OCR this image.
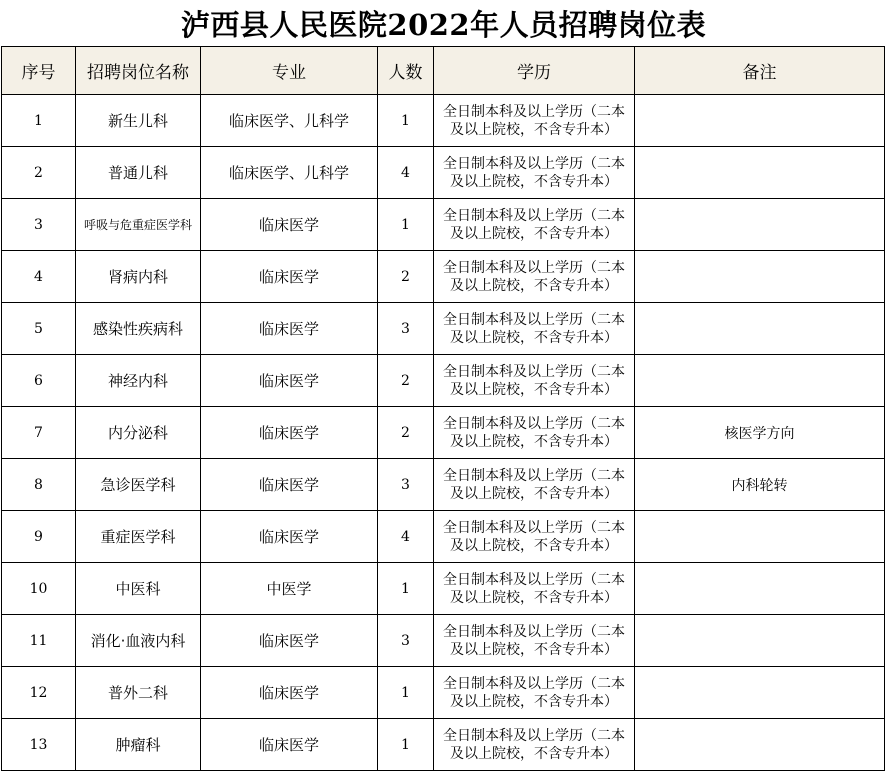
泸西县人民医院2022年人员招聘岗位表
序号	招聘岗位名称	专业	人数	学历	备注
1	新生儿科	临床医学、儿科学	1	全日制本科及以上学历（二本
及以上院校，不含专升本）	

2	普通儿科	临床医学、儿科学	4	全日制本科及以上学历（二本
及以上院校，不含专升本）	

3	呼吸与危重症医学科	临床医学	1	全日制本科及以上学历（二本
及以上院校，不含专升本）	

4	肾病内科	临床医学	2	全日制本科及以上学历（二本
及以上院校，不含专升本）	

5	感染性疾病科	临床医学	3	全日制本科及以上学历（二本
及以上院校，不含专升本）	

6	神经内科	临床医学	2	全日制本科及以上学历（二本
及以上院校，不含专升本）	

7	内分泌科	临床医学	2	全日制本科及以上学历（二本
及以上院校，不含专升本）	核医学方向
8	急诊医学科	临床医学	3	全日制本科及以上学历（二本
及以上院校，不含专升本）	内科轮转
9	重症医学科	临床医学	4	全日制本科及以上学历（二本
及以上院校，不含专升本）	

10	中医科	中医学	1	全日制本科及以上学历（二本
及以上院校，不含专升本）	

11	消化·血液内科	临床医学	3	全日制本科及以上学历（二本
及以上院校，不含专升本）	

12	普外二科	临床医学	1	全日制本科及以上学历（二本
及以上院校，不含专升本）	

13	肿瘤科	临床医学	1	全日制本科及以上学历（二本
及以上院校，不含专升本）	
